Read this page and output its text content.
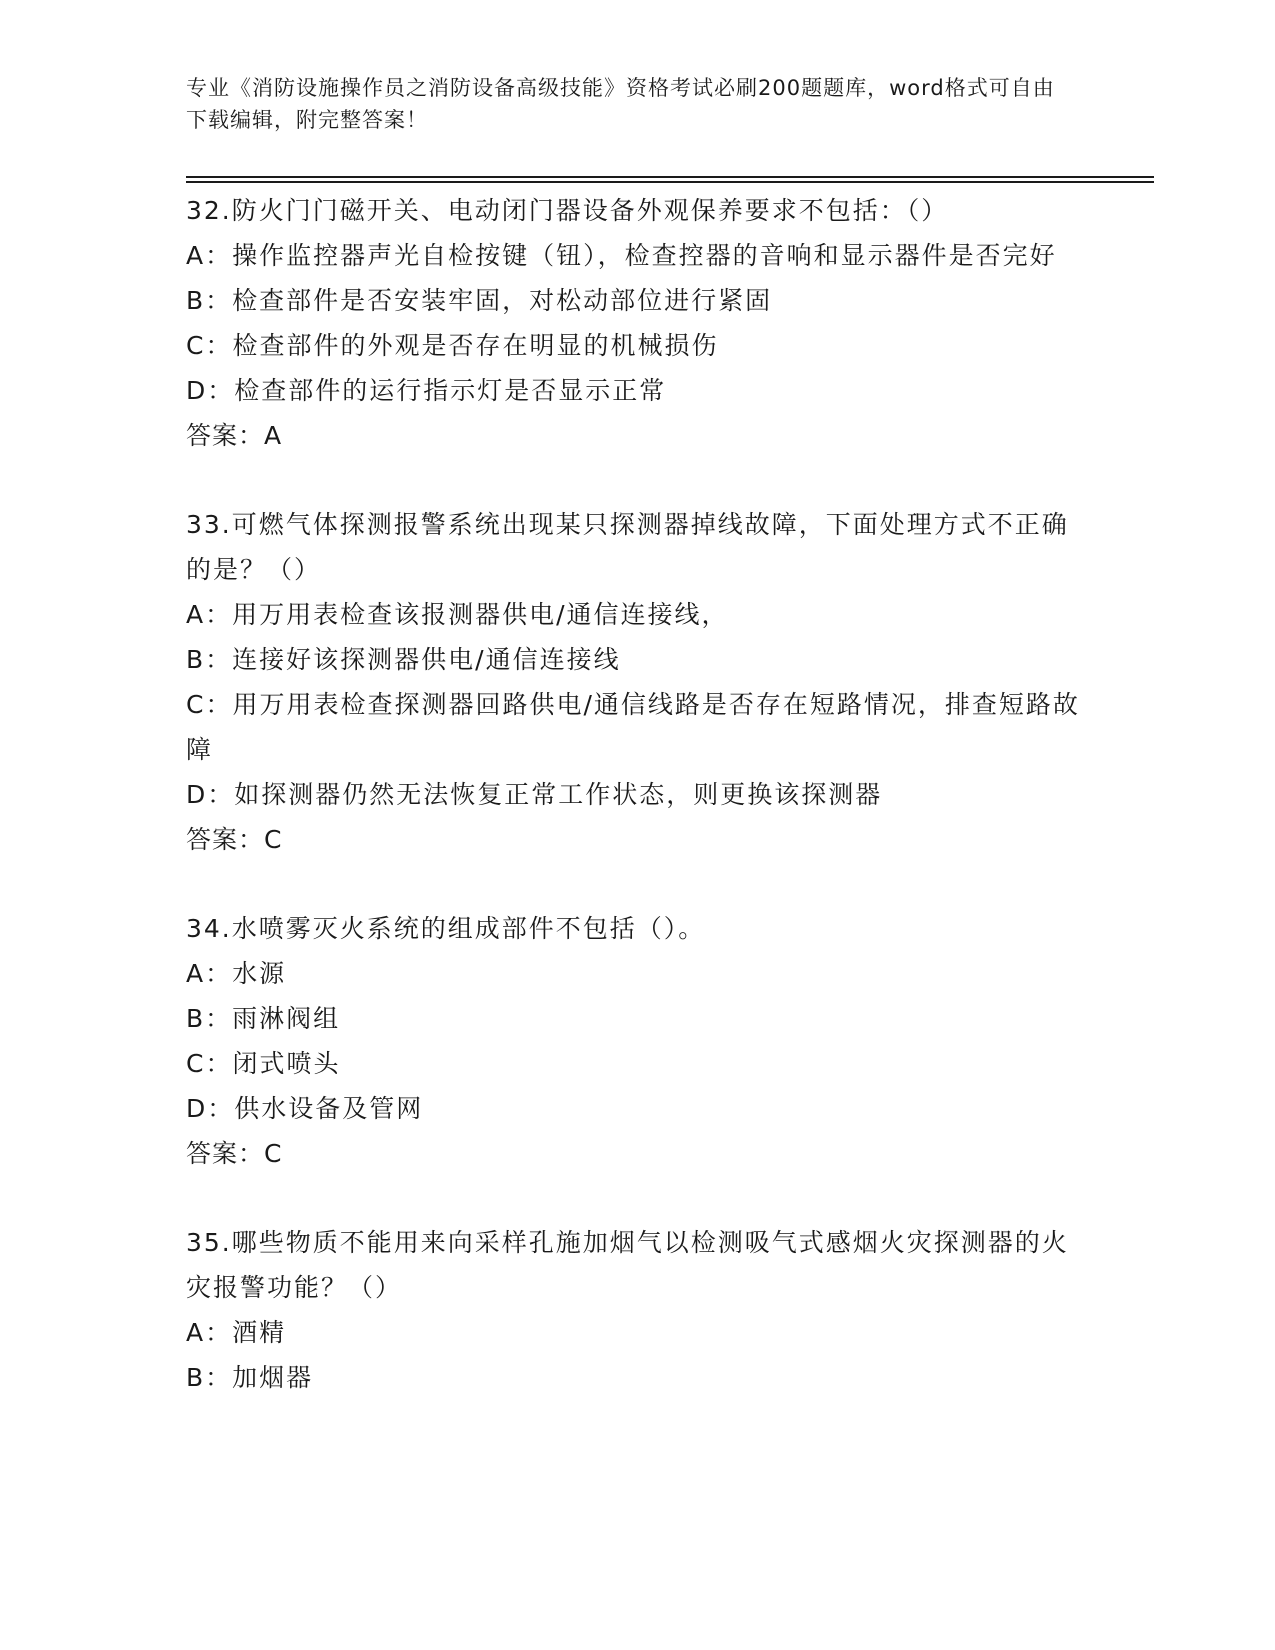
专业《消防设施操作员之消防设备高级技能》资格考试必刷200题题库，word格式可自由下载编辑，附完整答案！
32.防火门门磁开关、电动闭门器设备外观保养要求不包括：（）
A：操作监控器声光自检按键（钮），检查控器的音响和显示器件是否完好
B：检查部件是否安装牢固，对松动部位进行紧固
C：检查部件的外观是否存在明显的机械损伤
D：检查部件的运行指示灯是否显示正常
答案：A
33.可燃气体探测报警系统出现某只探测器掉线故障，下面处理方式不正确的是？（）
A：用万用表检查该报测器供电/通信连接线，
B：连接好该探测器供电/通信连接线
C：用万用表检查探测器回路供电/通信线路是否存在短路情况，排查短路故障
D：如探测器仍然无法恢复正常工作状态，则更换该探测器
答案：C
34.水喷雾灭火系统的组成部件不包括（）。
A：水源
B：雨淋阀组
C：闭式喷头
D：供水设备及管网
答案：C
35.哪些物质不能用来向采样孔施加烟气以检测吸气式感烟火灾探测器的火灾报警功能？（）
A：酒精
B：加烟器
